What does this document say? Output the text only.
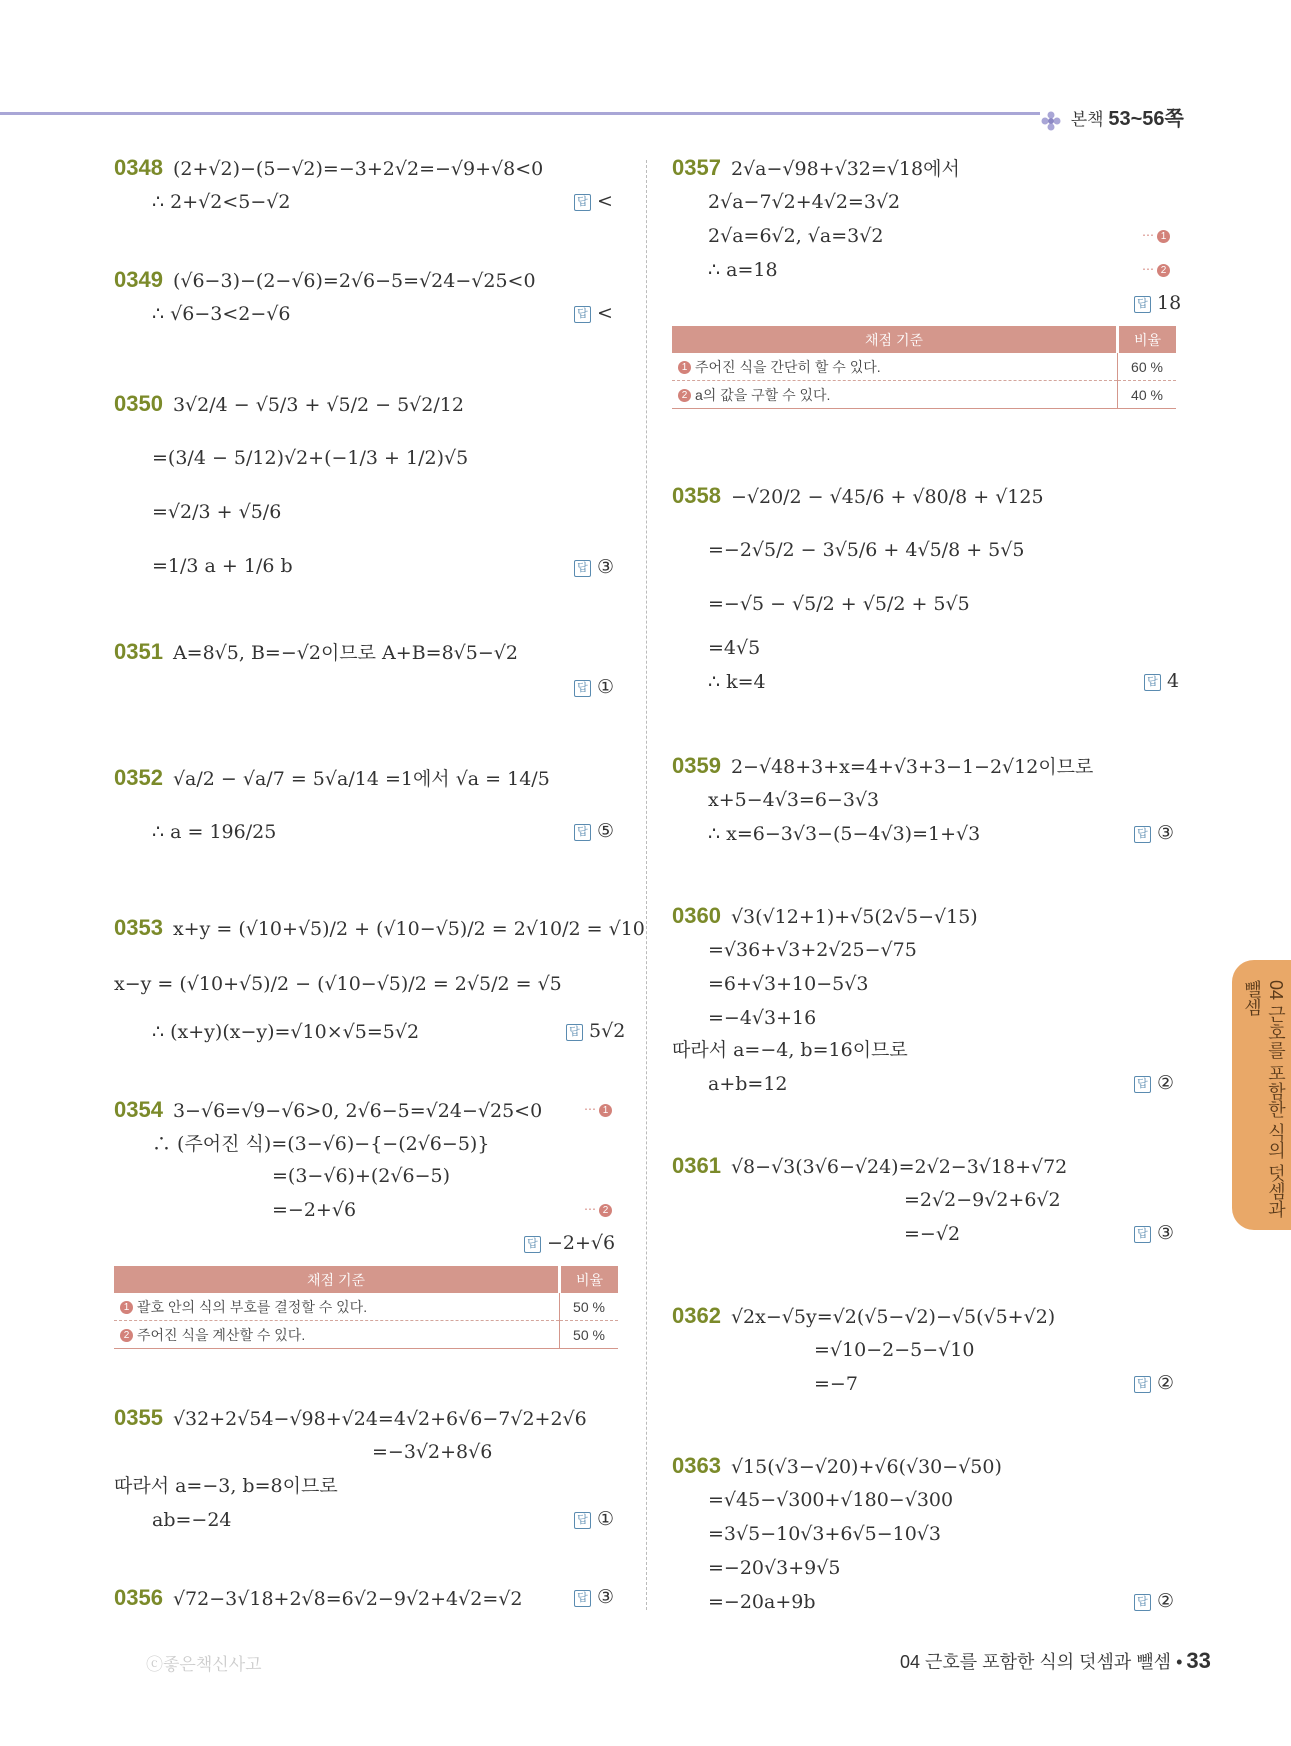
본책 53~56쪽
0348 (2+√2)−(5−√2)=−3+2√2=−√9+√8<0
∴ 2+√2<5−√2	답 <
0349 (√6−3)−(2−√6)=2√6−5=√24−√25<0
∴ √6−3<2−√6	답 <
0350 3√2/4 − √5/3 + √5/2 − 5√2/12
=(3/4 − 5/12)√2+(−1/3 + 1/2)√5
=√2/3 + √5/6
=1/3 a + 1/6 b	답 ③
0351 A=8√5, B=−√2이므로 A+B=8√5−√2
답 ①
0352 √a/2 − √a/7 = 5√a/14 =1에서 √a = 14/5
∴ a = 196/25	답 ⑤
0353 x+y = (√10+√5)/2 + (√10−√5)/2 = 2√10/2 = √10
x−y = (√10+√5)/2 − (√10−√5)/2 = 2√5/2 = √5
∴ (x+y)(x−y)=√10×√5=5√2	답 5√2
0354 3−√6=√9−√6>0, 2√6−5=√24−√25<0	⋯ 1
∴ (주어진 식)=(3−√6)−{−(2√6−5)}
=(3−√6)+(2√6−5)
=−2+√6	⋯ 2
답 −2+√6
채점 기준	비율
1 괄호 안의 식의 부호를 결정할 수 있다.	50 %
2 주어진 식을 계산할 수 있다.	50 %
0355 √32+2√54−√98+√24=4√2+6√6−7√2+2√6
=−3√2+8√6
따라서 a=−3, b=8이므로
ab=−24	답 ①
0356 √72−3√18+2√8=6√2−9√2+4√2=√2	답 ③
0357 2√a−√98+√32=√18에서
2√a−7√2+4√2=3√2
2√a=6√2, √a=3√2	⋯ 1
∴ a=18	⋯ 2
답 18
채점 기준	비율
1 주어진 식을 간단히 할 수 있다.	60 %
2 a의 값을 구할 수 있다.	40 %
0358 −√20/2 − √45/6 + √80/8 + √125
=−2√5/2 − 3√5/6 + 4√5/8 + 5√5
=−√5 − √5/2 + √5/2 + 5√5
=4√5
∴ k=4	답 4
0359 2−√48+3+x=4+√3+3−1−2√12이므로
x+5−4√3=6−3√3
∴ x=6−3√3−(5−4√3)=1+√3	답 ③
0360 √3(√12+1)+√5(2√5−√15)
=√36+√3+2√25−√75
=6+√3+10−5√3
=−4√3+16
따라서 a=−4, b=16이므로
a+b=12	답 ②
0361 √8−√3(3√6−√24)=2√2−3√18+√72
=2√2−9√2+6√2
=−√2	답 ③
0362 √2x−√5y=√2(√5−√2)−√5(√5+√2)
=√10−2−5−√10
=−7	답 ②
0363 √15(√3−√20)+√6(√30−√50)
=√45−√300+√180−√300
=3√5−10√3+6√5−10√3
=−20√3+9√5
=−20a+9b	답 ②
04 근호를 포함한 식의 덧셈과 뺄셈
ⓒ좋은책신사고	04 근호를 포함한 식의 덧셈과 뺄셈 • 33
